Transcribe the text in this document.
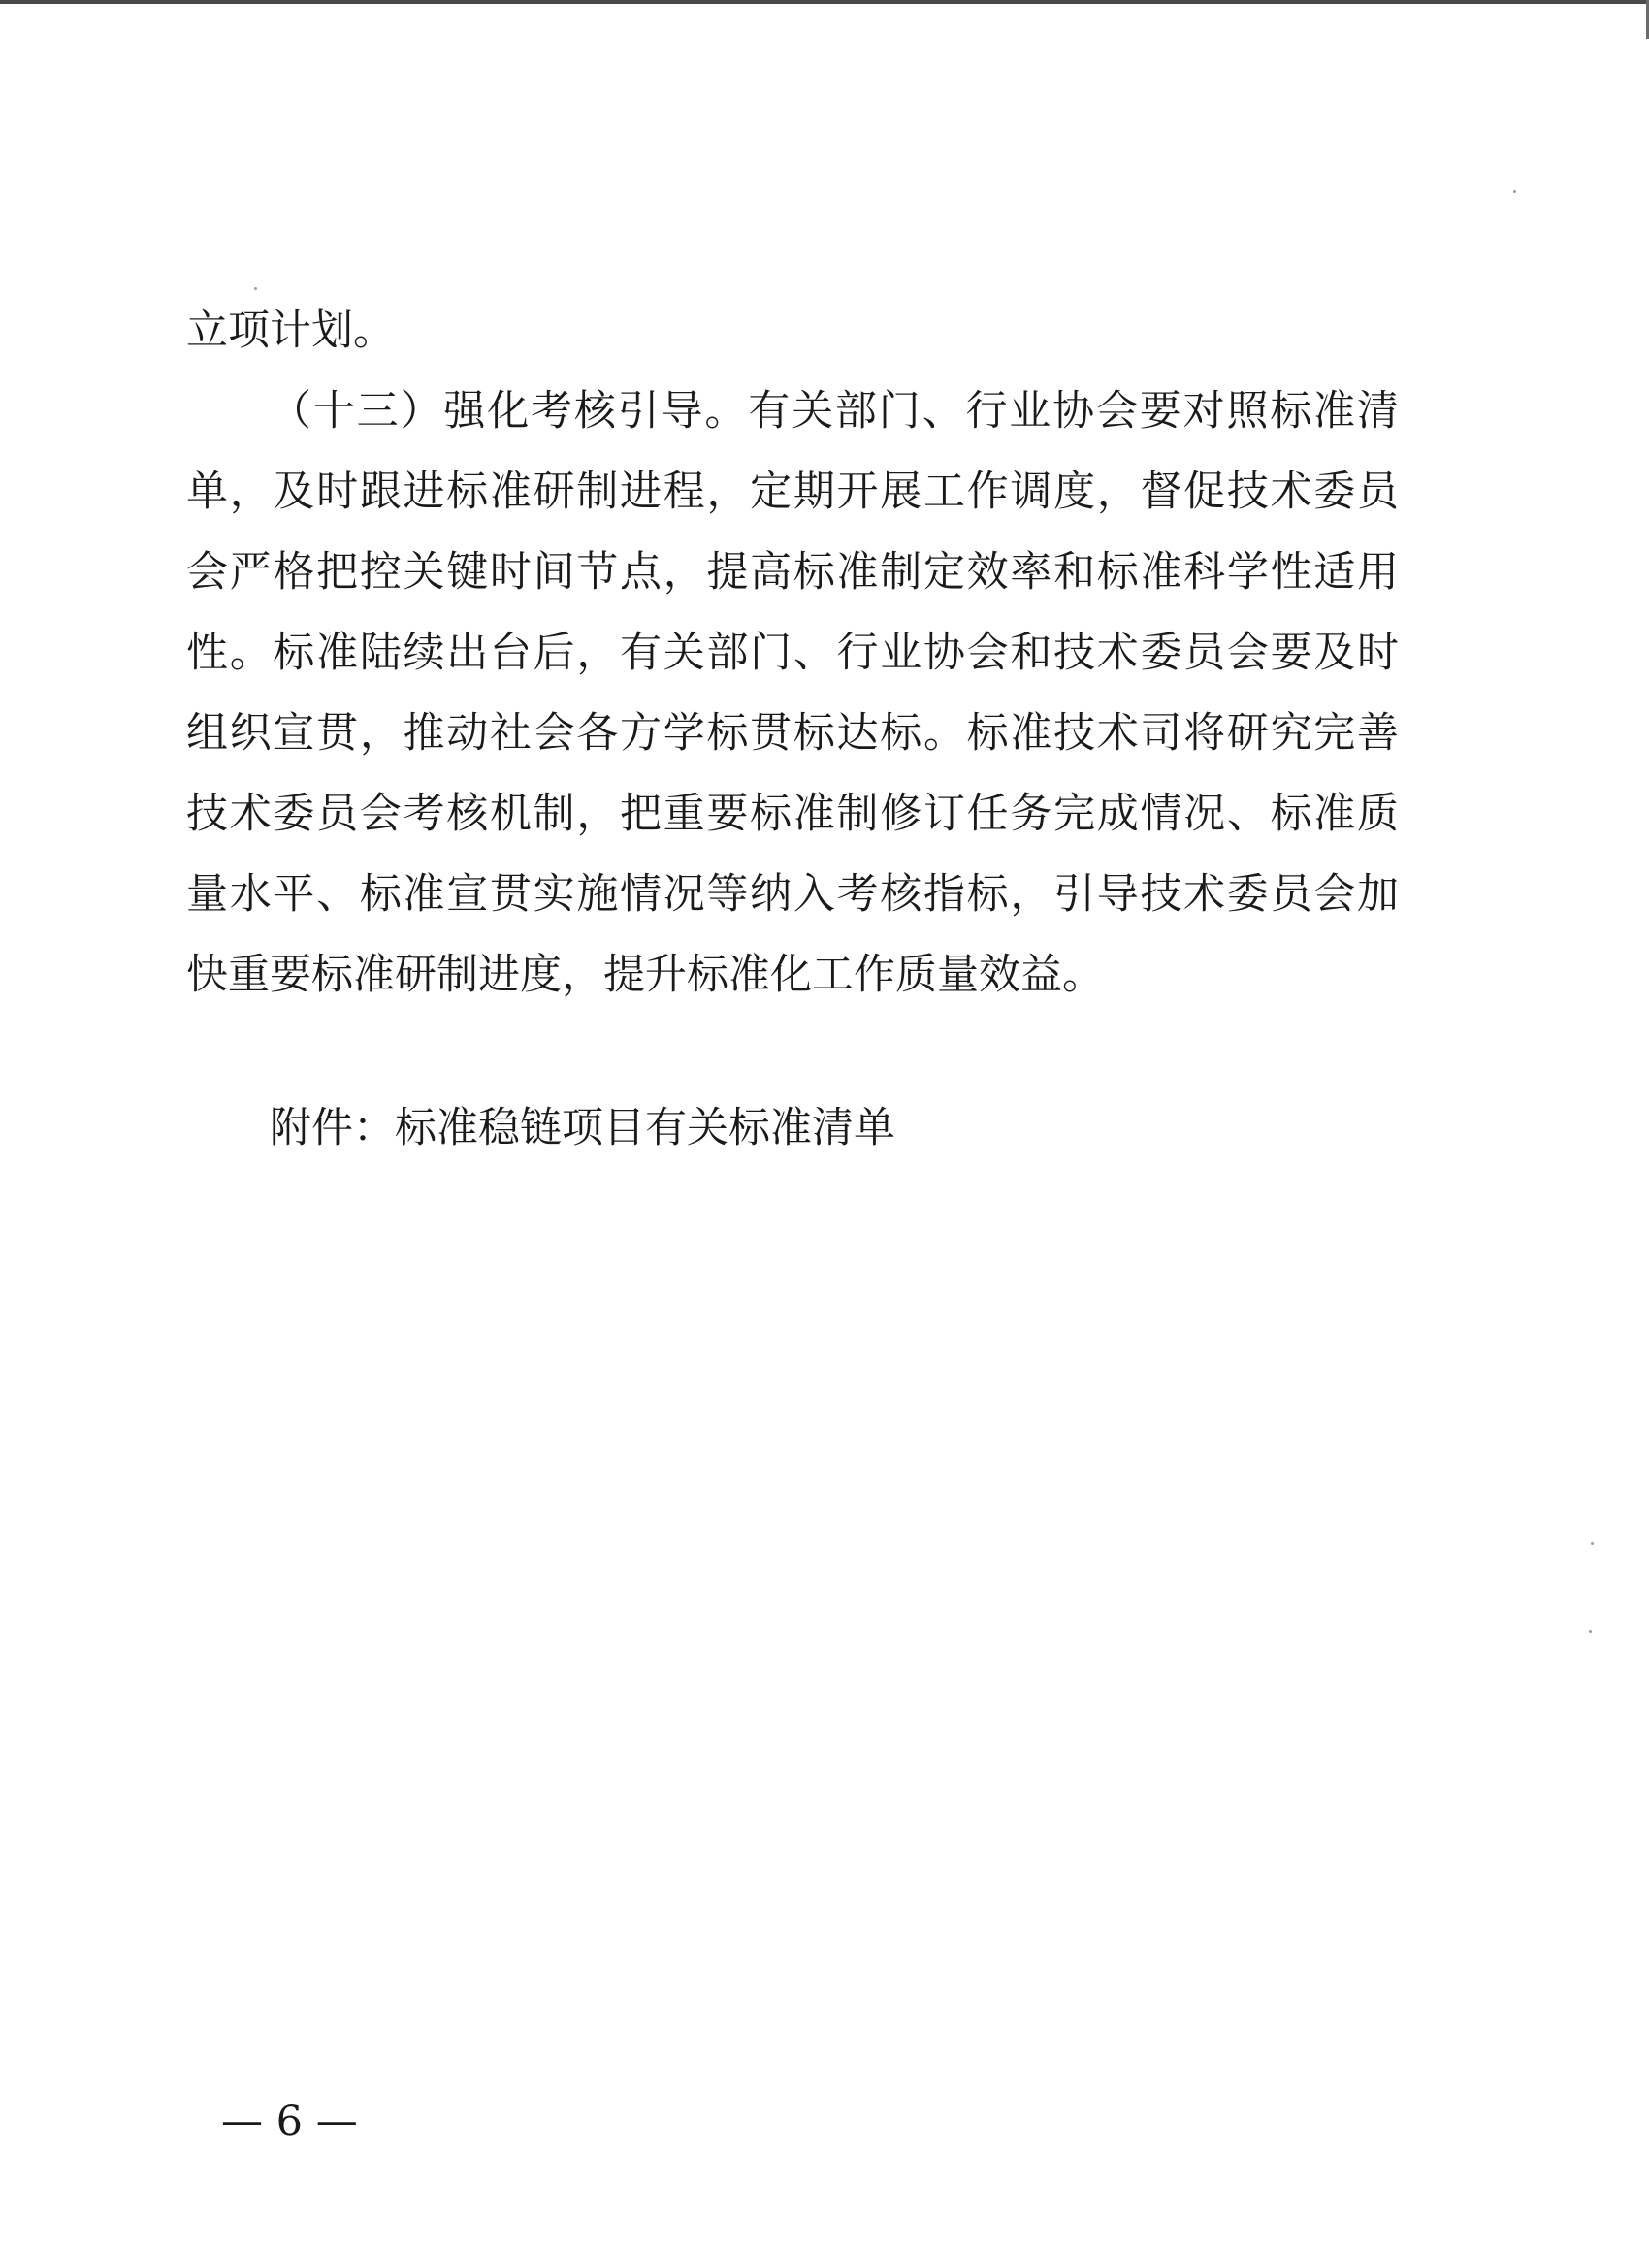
立项计划。
（十三）强化考核引导。有关部门、行业协会要对照标准清
单，及时跟进标准研制进程，定期开展工作调度，督促技术委员
会严格把控关键时间节点，提高标准制定效率和标准科学性适用
性。标准陆续出台后，有关部门、行业协会和技术委员会要及时
组织宣贯，推动社会各方学标贯标达标。标准技术司将研究完善
技术委员会考核机制，把重要标准制修订任务完成情况、标准质
量水平、标准宣贯实施情况等纳入考核指标，引导技术委员会加
快重要标准研制进度，提升标准化工作质量效益。
附件：标准稳链项目有关标准清单
— 6 —
